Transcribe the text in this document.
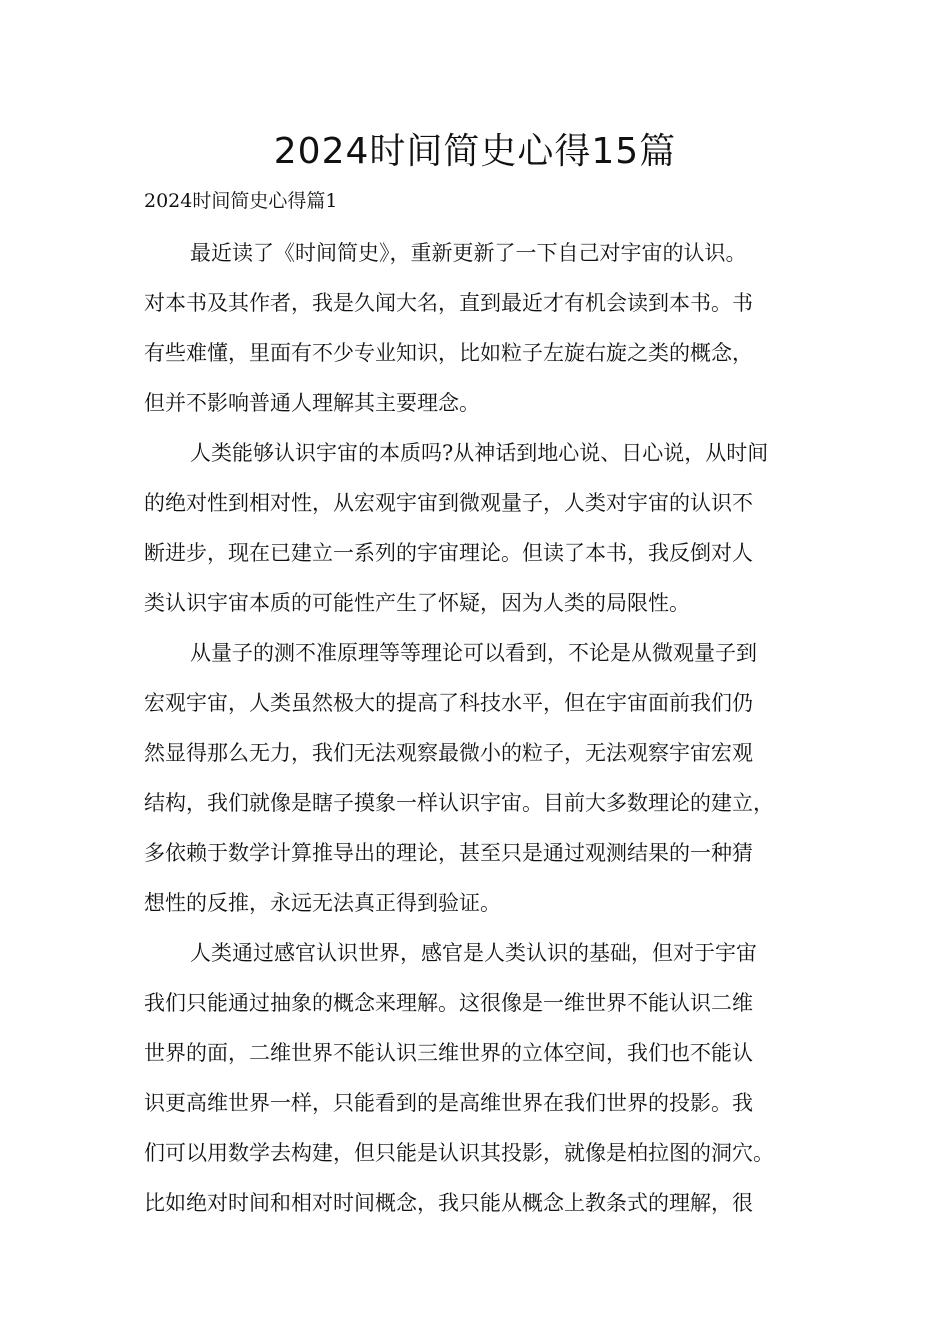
2024时间简史心得15篇

2024时间简史心得篇1

最近读了《时间简史》，重新更新了一下自己对宇宙的认识。
对本书及其作者，我是久闻大名，直到最近才有机会读到本书。书
有些难懂，里面有不少专业知识，比如粒子左旋右旋之类的概念，
但并不影响普通人理解其主要理念。
人类能够认识宇宙的本质吗?从神话到地心说、日心说，从时间
的绝对性到相对性，从宏观宇宙到微观量子，人类对宇宙的认识不
断进步，现在已建立一系列的宇宙理论。但读了本书，我反倒对人
类认识宇宙本质的可能性产生了怀疑，因为人类的局限性。
从量子的测不准原理等等理论可以看到，不论是从微观量子到
宏观宇宙，人类虽然极大的提高了科技水平，但在宇宙面前我们仍
然显得那么无力，我们无法观察最微小的粒子，无法观察宇宙宏观
结构，我们就像是瞎子摸象一样认识宇宙。目前大多数理论的建立，
多依赖于数学计算推导出的理论，甚至只是通过观测结果的一种猜
想性的反推，永远无法真正得到验证。
人类通过感官认识世界，感官是人类认识的基础，但对于宇宙
我们只能通过抽象的概念来理解。这很像是一维世界不能认识二维
世界的面，二维世界不能认识三维世界的立体空间，我们也不能认
识更高维世界一样，只能看到的是高维世界在我们世界的投影。我
们可以用数学去构建，但只能是认识其投影，就像是柏拉图的洞穴。
比如绝对时间和相对时间概念，我只能从概念上教条式的理解，很
